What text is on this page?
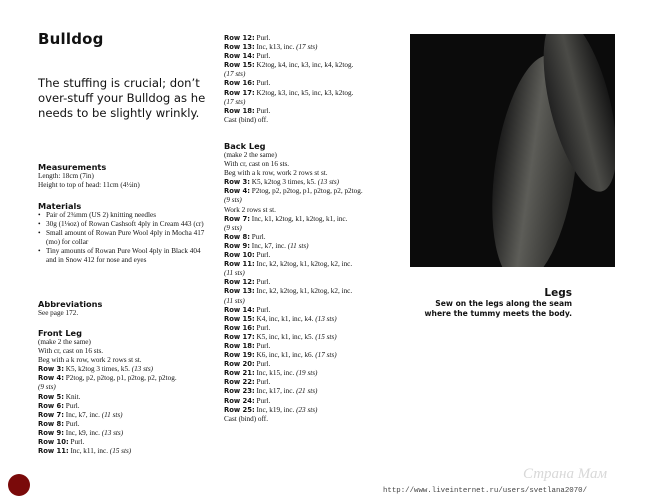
Bulldog
The stuffing is crucial; don’t over-stuff your Bulldog as he needs to be slightly wrinkly.
Measurements
Length: 18cm (7in)
Height to top of head: 11cm (4½in)
Materials
• Pair of 2¾mm (US 2) knitting needles
• 30g (1⅛oz) of Rowan Cashsoft 4ply in Cream 443 (cr)
• Small amount of Rowan Pure Wool 4ply in Mocha 417 (mo) for collar
• Tiny amounts of Rowan Pure Wool 4ply in Black 404 and in Snow 412 for nose and eyes
Abbreviations
See page 172.
Front Leg
(make 2 the same)
With cr, cast on 16 sts.
Beg with a k row, work 2 rows st st.
Row 3: K5, k2tog 3 times, k5. (13 sts)
Row 4: P2tog, p2, p2tog, p1, p2tog, p2, p2tog.
(9 sts)
Row 5: Knit.
Row 6: Purl.
Row 7: Inc, k7, inc. (11 sts)
Row 8: Purl.
Row 9: Inc, k9, inc. (13 sts)
Row 10: Purl.
Row 11: Inc, k11, inc. (15 sts)
Row 12: Purl.
Row 13: Inc, k13, inc. (17 sts)
Row 14: Purl.
Row 15: K2tog, k4, inc, k3, inc, k4, k2tog.
(17 sts)
Row 16: Purl.
Row 17: K2tog, k3, inc, k5, inc, k3, k2tog.
(17 sts)
Row 18: Purl.
Cast (bind) off.
Back Leg
(make 2 the same)
With cr, cast on 16 sts.
Beg with a k row, work 2 rows st st.
Row 3: K5, k2tog 3 times, k5. (13 sts)
Row 4: P2tog, p2, p2tog, p1, p2tog, p2, p2tog.
(9 sts)
Work 2 rows st st.
Row 7: Inc, k1, k2tog, k1, k2tog, k1, inc.
(9 sts)
Row 8: Purl.
Row 9: Inc, k7, inc. (11 sts)
Row 10: Purl.
Row 11: Inc, k2, k2tog, k1, k2tog, k2, inc.
(11 sts)
Row 12: Purl.
Row 13: Inc, k2, k2tog, k1, k2tog, k2, inc.
(11 sts)
Row 14: Purl.
Row 15: K4, inc, k1, inc, k4. (13 sts)
Row 16: Purl.
Row 17: K5, inc, k1, inc, k5. (15 sts)
Row 18: Purl.
Row 19: K6, inc, k1, inc, k6. (17 sts)
Row 20: Purl.
Row 21: Inc, k15, inc. (19 sts)
Row 22: Purl.
Row 23: Inc, k17, inc. (21 sts)
Row 24: Purl.
Row 25: Inc, k19, inc. (23 sts)
Cast (bind) off.
Legs
Sew on the legs along the seam where the tummy meets the body.
Страна Мам
http://www.liveinternet.ru/users/svetlana2070/
